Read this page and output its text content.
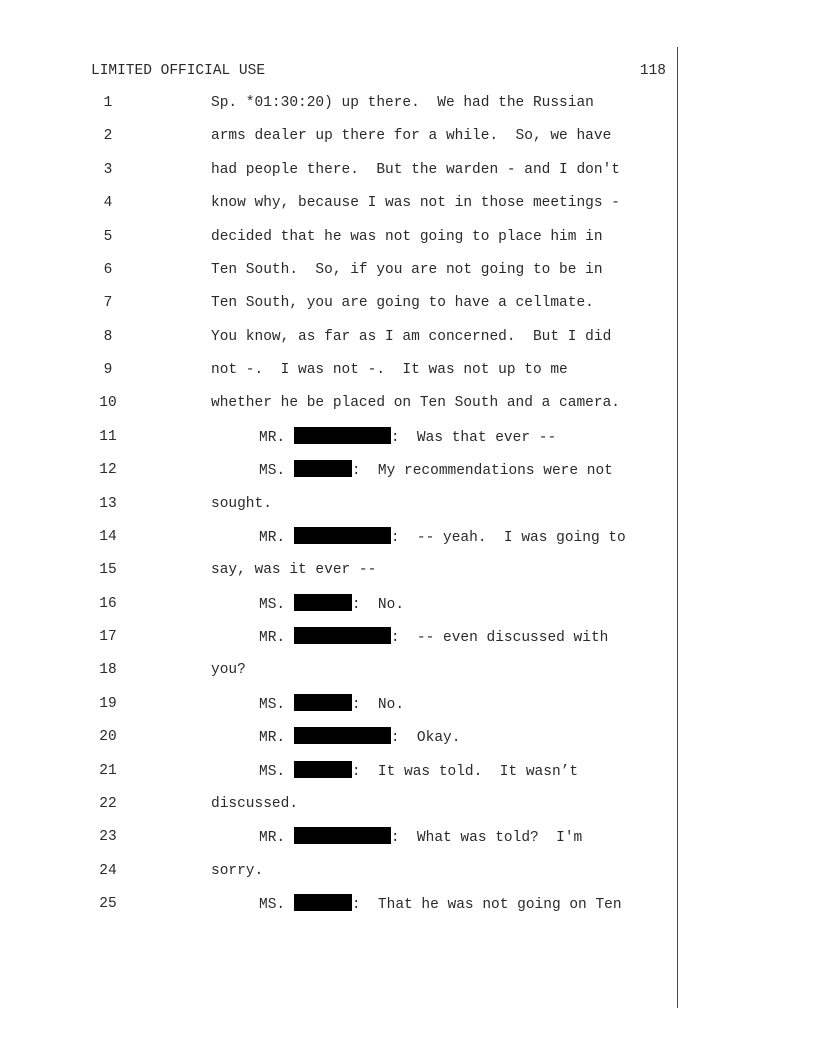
LIMITED OFFICIAL USE	118
1	Sp. *01:30:20) up there.  We had the Russian
2	arms dealer up there for a while.  So, we have
3	had people there.  But the warden - and I don't
4	know why, because I was not in those meetings -
5	decided that he was not going to place him in
6	Ten South.  So, if you are not going to be in
7	Ten South, you are going to have a cellmate.
8	You know, as far as I am concerned.  But I did
9	not -.  I was not -.  It was not up to me
10	whether he be placed on Ten South and a camera.
11	MR.	:  Was that ever --
12	MS.	:  My recommendations were not
13	sought.
14	MR.	:  -- yeah.  I was going to
15	say, was it ever --
16	MS.	:  No.
17	MR.	:  -- even discussed with
18	you?
19	MS.	:  No.
20	MR.	:  Okay.
21	MS.	:  It was told.  It wasn’t
22	discussed.
23	MR.	:  What was told?  I'm
24	sorry.
25	MS.	:  That he was not going on Ten
